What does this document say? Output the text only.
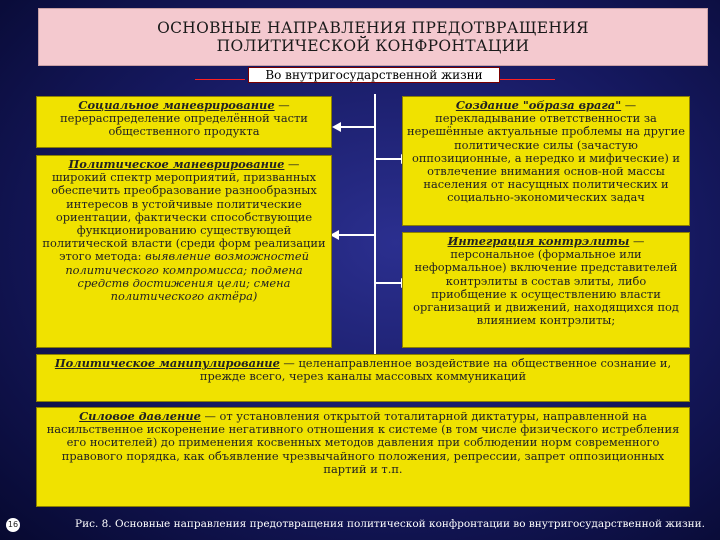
ОСНОВНЫЕ НАПРАВЛЕНИЯ ПРЕДОТВРАЩЕНИЯ
ПОЛИТИЧЕСКОЙ КОНФРОНТАЦИИ
Во внутригосударственной жизни
Социальное маневрирование — перераспределение определённой части общественного продукта
Политическое маневрирование — широкий спектр мероприятий, призванных обеспечить преобразование разнообразных интересов в устойчивые политические ориентации, фактически способствующие функционированию существующей политической власти (среди форм реализации этого метода: выявление возможностей политического компромисса; подмена средств достижения цели; смена политического актёра)
Создание "образа врага" — перекладывание ответственности за нерешённые актуальные проблемы на другие политические силы (зачастую оппозиционные, а нередко и мифические) и отвлечение внимания основ-ной массы населения от насущных политических и социально-экономических задач
Интеграция контрэлиты — персональное (формальное или неформальное) включение представителей контрэлиты в состав элиты, либо приобщение к осуществлению власти организаций и движений, находящихся под влиянием контрэлиты;
Политическое манипулирование — целенаправленное воздействие на общественное сознание и, прежде всего, через каналы массовых коммуникаций
Силовое давление — от установления открытой тоталитарной диктатуры, направленной на насильственное искоренение негативного отношения к системе (в том числе физического истребления его носителей) до применения косвенных методов давления при соблюдении норм современного правового порядка, как объявление чрезвычайного положения, репрессии, запрет оппозиционных партий и т.п.
16	Рис. 8. Основные направления предотвращения политической конфронтации во внутригосударственной жизни.
